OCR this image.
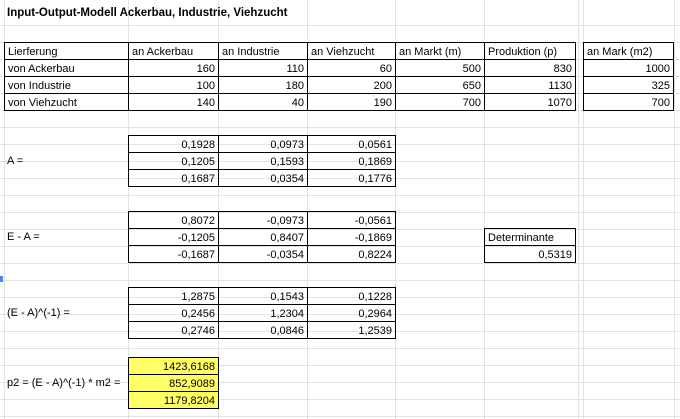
Input-Output-Modell Ackerbau, Industrie, Viehzucht
Lierferung	an Ackerbau	an Industrie	an Viehzucht	an Markt (m)	Produktion (p)	an Mark (m2)
von Ackerbau	160	110	60	500	830	1000
von Industrie	100	180	200	650	1130	325
von Viehzucht	140	40	190	700	1070	700
A =
0,1928	0,0973	0,0561
0,1205	0,1593	0,1869
0,1687	0,0354	0,1776
E - A =
0,8072	-0,0973	-0,0561
-0,1205	0,8407	-0,1869
-0,1687	-0,0354	0,8224
Determinante
0,5319
(E - A)^(-1) =
1,2875	0,1543	0,1228
0,2456	1,2304	0,2964
0,2746	0,0846	1,2539
p2 = (E - A)^(-1) * m2 =
1423,6168
852,9089
1179,8204
